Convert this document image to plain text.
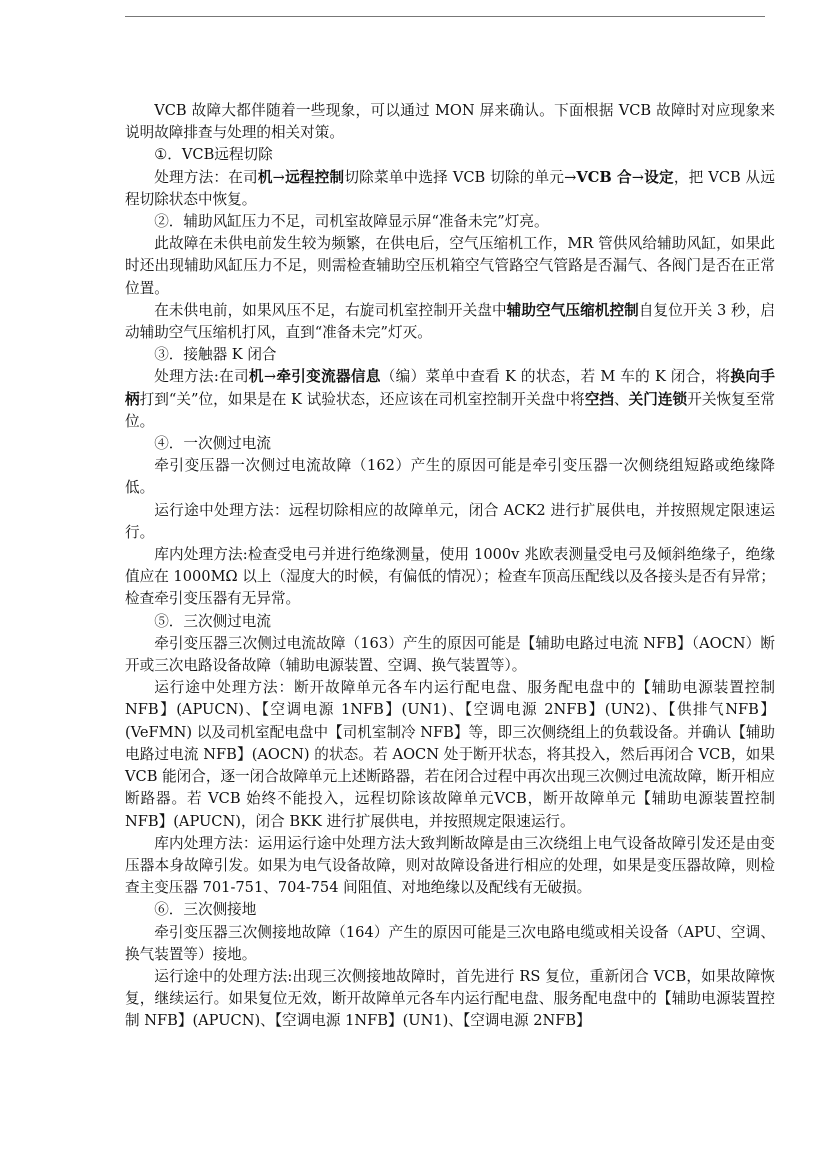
VCB 故障大都伴随着一些现象，可以通过 MON 屏来确认。下面根据 VCB 故障时对应现象来说明故障排查与处理的相关对策。

①．VCB远程切除

处理方法：在司机→远程控制切除菜单中选择 VCB 切除的单元→VCB 合→设定，把 VCB 从远程切除状态中恢复。

②．辅助风缸压力不足，司机室故障显示屏“准备未完”灯亮。

此故障在未供电前发生较为频繁，在供电后，空气压缩机工作，MR 管供风给辅助风缸，如果此时还出现辅助风缸压力不足，则需检查辅助空压机箱空气管路空气管路是否漏气、各阀门是否在正常位置。

在未供电前，如果风压不足，右旋司机室控制开关盘中辅助空气压缩机控制自复位开关 3 秒，启动辅助空气压缩机打风，直到“准备未完”灯灭。

③．接触器 K 闭合

处理方法:在司机→牵引变流器信息（编）菜单中查看 K 的状态，若 M 车的 K 闭合，将换向手柄打到“关”位，如果是在 K 试验状态，还应该在司机室控制开关盘中将空挡、关门连锁开关恢复至常位。

④．一次侧过电流

牵引变压器一次侧过电流故障（162）产生的原因可能是牵引变压器一次侧绕组短路或绝缘降低。

运行途中处理方法：远程切除相应的故障单元，闭合 ACK2 进行扩展供电，并按照规定限速运行。

库内处理方法:检查受电弓并进行绝缘测量，使用 1000v 兆欧表测量受电弓及倾斜绝缘子，绝缘值应在 1000MΩ 以上（湿度大的时候，有偏低的情况）；检查车顶高压配线以及各接头是否有异常；检查牵引变压器有无异常。

⑤．三次侧过电流

牵引变压器三次侧过电流故障（163）产生的原因可能是【辅助电路过电流 NFB】（AOCN）断开或三次电路设备故障（辅助电源装置、空调、换气装置等）。

运行途中处理方法：断开故障单元各车内运行配电盘、服务配电盘中的【辅助电源装置控制 NFB】(APUCN)、【空调电源 1NFB】(UN1)、【空调电源 2NFB】(UN2)、【供排气NFB】(VeFMN) 以及司机室配电盘中【司机室制冷 NFB】等，即三次侧绕组上的负载设备。并确认【辅助电路过电流 NFB】(AOCN) 的状态。若 AOCN 处于断开状态，将其投入，然后再闭合 VCB，如果 VCB 能闭合，逐一闭合故障单元上述断路器，若在闭合过程中再次出现三次侧过电流故障，断开相应断路器。若 VCB 始终不能投入，远程切除该故障单元VCB，断开故障单元【辅助电源装置控制 NFB】(APUCN)，闭合 BKK 进行扩展供电，并按照规定限速运行。

库内处理方法：运用运行途中处理方法大致判断故障是由三次绕组上电气设备故障引发还是由变压器本身故障引发。如果为电气设备故障，则对故障设备进行相应的处理，如果是变压器故障，则检查主变压器 701-751、704-754 间阻值、对地绝缘以及配线有无破损。

⑥．三次侧接地

牵引变压器三次侧接地故障（164）产生的原因可能是三次电路电缆或相关设备（APU、空调、换气装置等）接地。

运行途中的处理方法:出现三次侧接地故障时，首先进行 RS 复位，重新闭合 VCB，如果故障恢复，继续运行。如果复位无效，断开故障单元各车内运行配电盘、服务配电盘中的【辅助电源装置控制 NFB】(APUCN)、【空调电源 1NFB】(UN1)、【空调电源 2NFB】
